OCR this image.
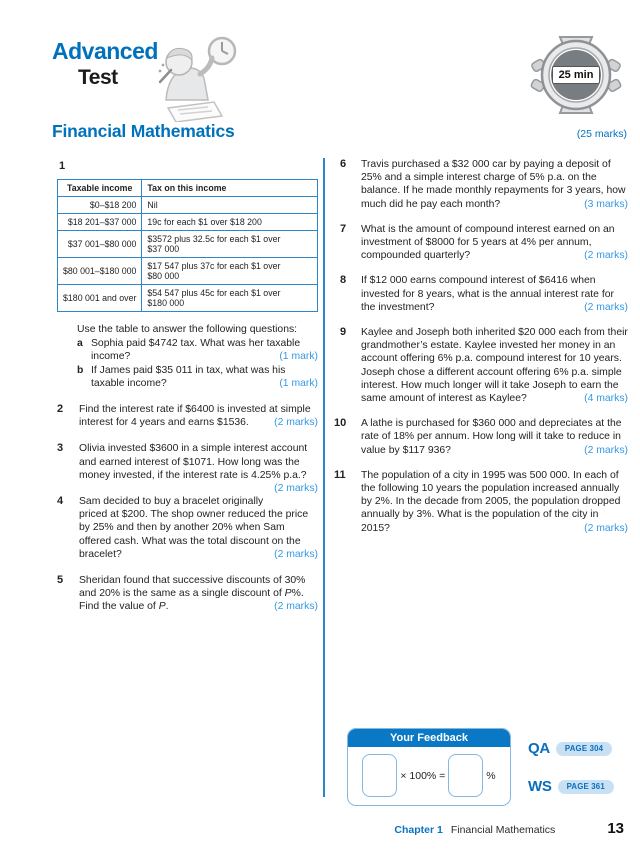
Advanced
Test	25 min
Financial Mathematics	(25 marks)
1
Taxable income	Tax on this income
$0–$18 200	Nil
$18 201–$37 000	19c for each $1 over $18 200
$37 001–$80 000	$3572 plus 32.5c for each $1 over $37 000
$80 001–$180 000	$17 547 plus 37c for each $1 over $80 000
$180 001 and over	$54 547 plus 45c for each $1 over $180 000

Use the table to answer the following questions:

a Sophia paid $4742 tax. What was her taxable income?	(1 mark)

b If James paid $35 011 in tax, what was his taxable income?	(1 mark)

2 Find the interest rate if $6400 is invested at simple interest for 4 years and earns $1536.	(2 marks)

3 Olivia invested $3600 in a simple interest account and earned interest of $1071. How long was the money invested, if the interest rate is 4.25% p.a.?
(2 marks)

4 Sam decided to buy a bracelet originally priced at $200. The shop owner reduced the price by 25% and then by another 20% when Sam offered cash. What was the total discount on the bracelet?	(2 marks)

5 Sheridan found that successive discounts of 30% and 20% is the same as a single discount of P%. Find the value of P.	(2 marks)

6 Travis purchased a $32 000 car by paying a deposit of 25% and a simple interest charge of 5% p.a. on the balance. If he made monthly repayments for 3 years, how much did he pay each month?	(3 marks)

7 What is the amount of compound interest earned on an investment of $8000 for 5 years at 4% per annum, compounded quarterly?	(2 marks)

8 If $12 000 earns compound interest of $6416 when invested for 8 years, what is the annual interest rate for the investment?	(2 marks)

9 Kaylee and Joseph both inherited $20 000 each from their grandmother’s estate. Kaylee invested her money in an account offering 6% p.a. compound interest for 10 years. Joseph chose a different account offering 6% p.a. simple interest. How much longer will it take Joseph to earn the same amount of interest as Kaylee?	(4 marks)

10 A lathe is purchased for $360 000 and depreciates at the rate of 18% per annum. How long will it take to reduce in value by $117 936?	(2 marks)

11 The population of a city in 1995 was 500 000. In each of the following 10 years the population increased annually by 2%. In the decade from 2005, the population dropped annually by 3%. What is the population of the city in 2015?	(2 marks)

Your Feedback
× 100% =	%
QA	PAGE 304
WS	PAGE 361
Chapter 1 Financial Mathematics	13
